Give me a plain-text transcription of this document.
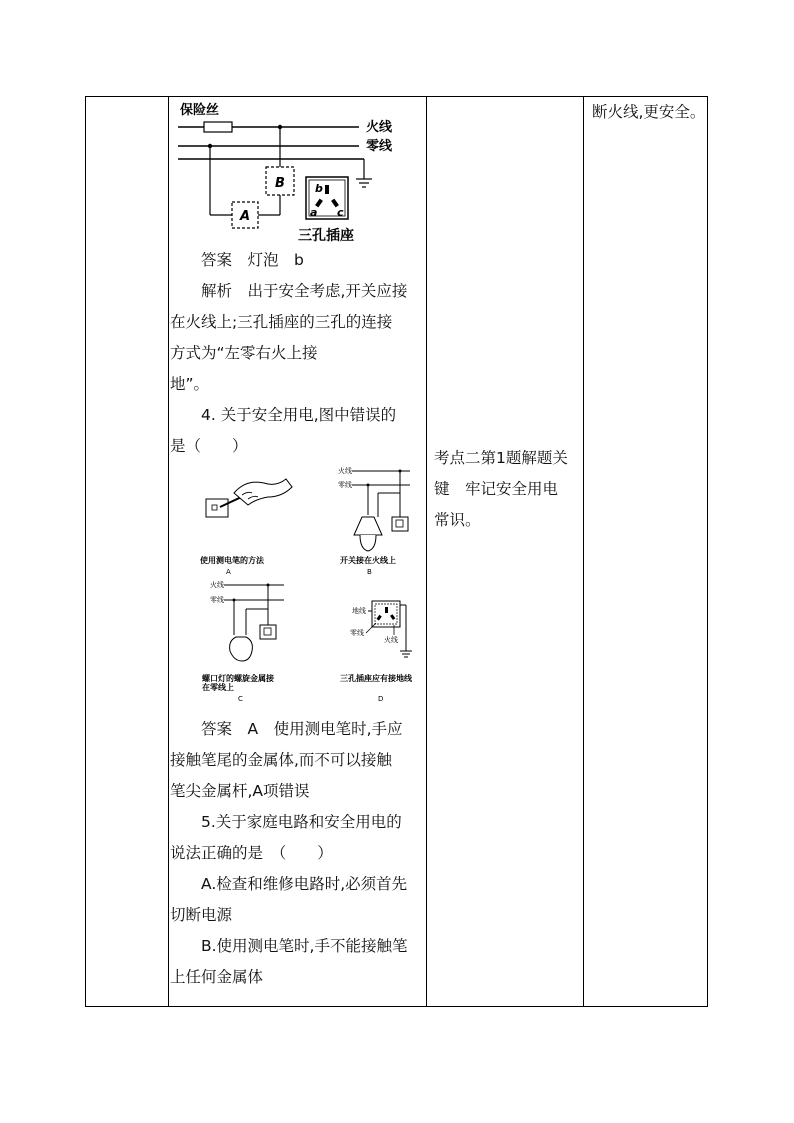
保险丝
火线
零线
B
A
b
a c
三孔插座

答案　灯泡　b

解析　出于安全考虑,开关应接

在火线上;三孔插座的三孔的连接

方式为“左零右火上接

地”。

4. 关于安全用电,图中错误的

是（　　）

使用测电笔的方法
A
火线
零线
开关接在火线上
B
火线
零线
螺口灯的螺旋金属接
在零线上
C
地线
零线
火线
三孔插座应有接地线
D

答案　A　使用测电笔时,手应

接触笔尾的金属体,而不可以接触

笔尖金属杆,A项错误

5.关于家庭电路和安全用电的

说法正确的是　（　　）

A.检查和维修电路时,必须首先

切断电源

B.使用测电笔时,手不能接触笔

上任何金属体

考点二第1题解题关

键　牢记安全用电

常识。

断火线,更安全。
